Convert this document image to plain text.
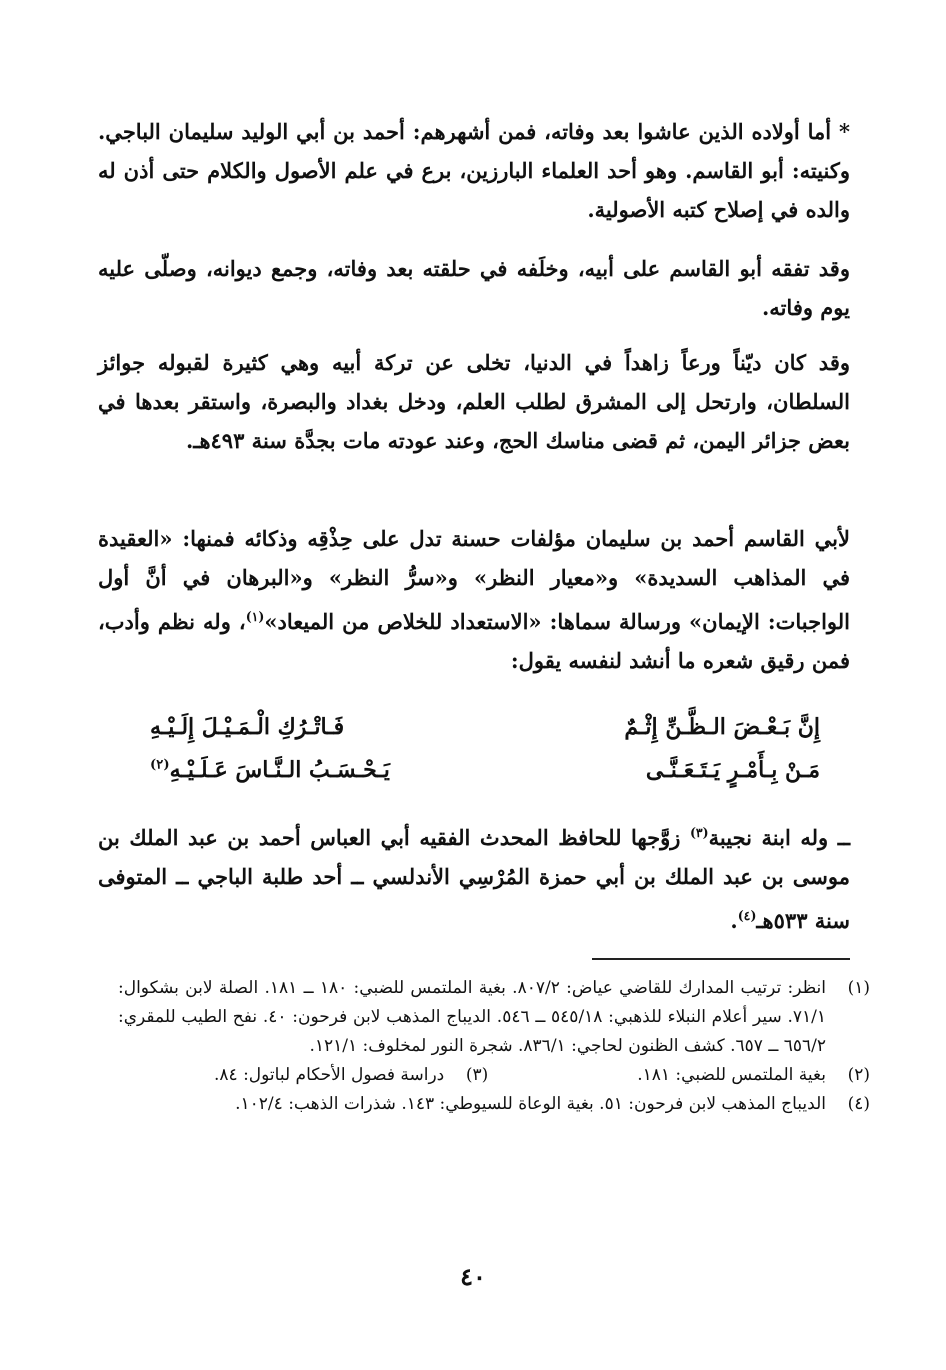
* أما أولاده الذين عاشوا بعد وفاته، فمن أشهرهم: أحمد بن أبي الوليد سليمان الباجي. وكنيته: أبو القاسم. وهو أحد العلماء البارزين، برع في علم الأصول والكلام حتى أذن له والده في إصلاح كتبه الأصولية.

وقد تفقه أبو القاسم على أبيه، وخلَفه في حلقته بعد وفاته، وجمع ديوانه، وصلّى عليه يوم وفاته.

وقد كان ديّناً ورعاً زاهداً في الدنيا، تخلى عن تركة أبيه وهي كثيرة لقبوله جوائز السلطان، وارتحل إلى المشرق لطلب العلم، ودخل بغداد والبصرة، واستقر بعدها في بعض جزائر اليمن، ثم قضى مناسك الحج، وعند عودته مات بجدَّة سنة ٤٩٣هـ.

لأبي القاسم أحمد بن سليمان مؤلفات حسنة تدل على حِذْقِه وذكائه فمنها: «العقيدة في المذاهب السديدة» و«معيار النظر» و«سرُّ النظر» و«البرهان في أنَّ أول الواجبات: الإيمان» ورسالة سماها: «الاستعداد للخلاص من الميعاد»$^{(١)}$، وله نظم وأدب، فمن رقيق شعره ما أنشد لنفسه يقول:

إِنَّ بَـعْـضَ الـظَّـنِّ إِثْـمٌ
فَـاتْـرُكِ الْـمَـيْـلَ إِلَـيْـهِ
مَـنْ بِـأَمْـرٍ يَـتَـعَـنَّـى
يَـحْـسَـبُ الـنَّـاسَ عَـلَـيْـهِ$^{(٢)}$

ــ وله ابنة نجيبة$^{(٣)}$ زوَّجها للحافظ المحدث الفقيه أبي العباس أحمد بن عبد الملك بن موسى بن عبد الملك بن أبي حمزة المُرْسِي الأندلسي ــ أحد طلبة الباجي ــ المتوفى سنة ٥٣٣هـ$^{(٤)}$.

(١)
انظر: ترتيب المدارك للقاضي عياض: ٨٠٧/٢. بغية الملتمس للضبي: ١٨٠ ــ ١٨١. الصلة لابن بشكوال: ٧١/١. سير أعلام النبلاء للذهبي: ٥٤٥/١٨ ــ ٥٤٦. الديباج المذهب لابن فرحون: ٤٠. نفح الطيب للمقري: ٦٥٦/٢ ــ ٦٥٧. كشف الظنون لحاجي: ٨٣٦/١. شجرة النور لمخلوف: ١٢١/١.
(٢)
بغية الملتمس للضبي: ١٨١.
(٣)
دراسة فصول الأحكام لباتول: ٨٤.
(٤)
الديباج المذهب لابن فرحون: ٥١. بغية الوعاة للسيوطي: ١٤٣. شذرات الذهب: ١٠٢/٤.
٤٠
